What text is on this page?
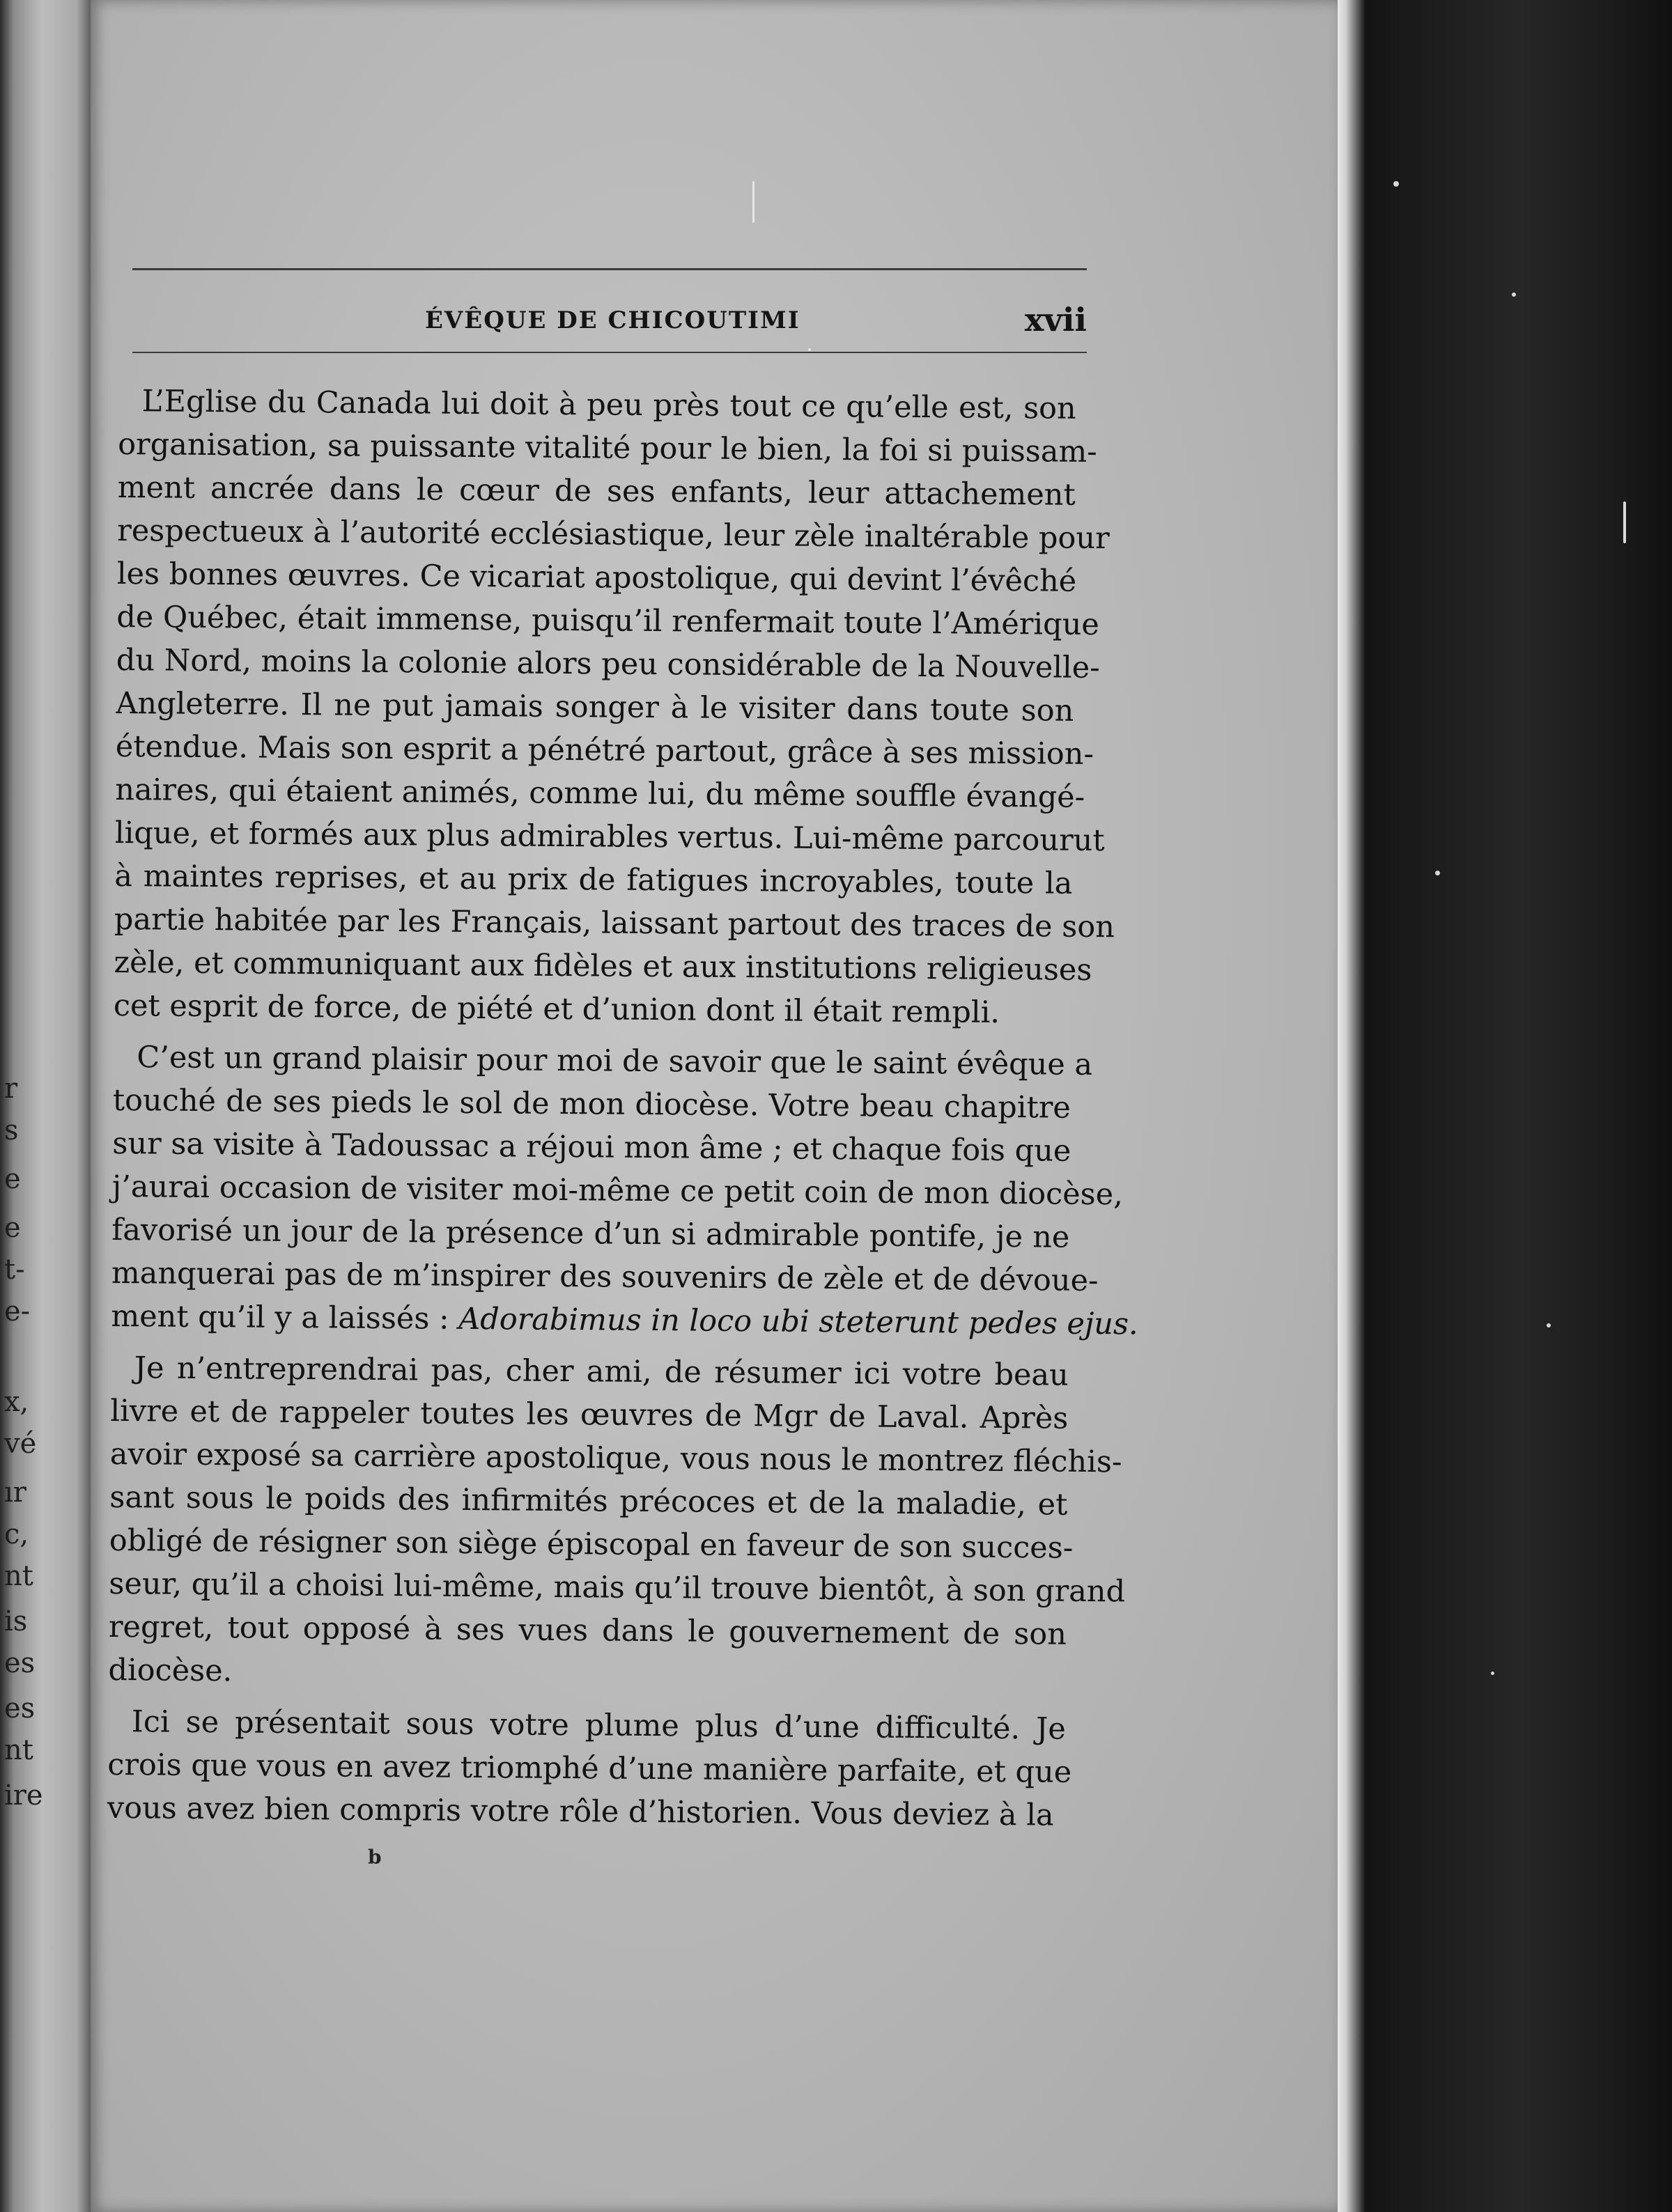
r
s
e
e
t-
e-
x,
vé
ır
c,
nt
is
es
es
nt
ire
ÉVÊQUE DE CHICOUTIMI	xvii
L’Eglise du Canada lui doit à peu près tout ce qu’elle est, son
organisation, sa puissante vitalité pour le bien, la foi si puissam-
ment ancrée dans le cœur de ses enfants, leur attachement
respectueux à l’autorité ecclésiastique, leur zèle inaltérable pour
les bonnes œuvres. Ce vicariat apostolique, qui devint l’évêché
de Québec, était immense, puisqu’il renfermait toute l’Amérique
du Nord, moins la colonie alors peu considérable de la Nouvelle-
Angleterre. Il ne put jamais songer à le visiter dans toute son
étendue. Mais son esprit a pénétré partout, grâce à ses mission-
naires, qui étaient animés, comme lui, du même souffle évangé-
lique, et formés aux plus admirables vertus. Lui-même parcourut
à maintes reprises, et au prix de fatigues incroyables, toute la
partie habitée par les Français, laissant partout des traces de son
zèle, et communiquant aux fidèles et aux institutions religieuses
cet esprit de force, de piété et d’union dont il était rempli.
C’est un grand plaisir pour moi de savoir que le saint évêque a
touché de ses pieds le sol de mon diocèse. Votre beau chapitre
sur sa visite à Tadoussac a réjoui mon âme ; et chaque fois que
j’aurai occasion de visiter moi-même ce petit coin de mon diocèse,
favorisé un jour de la présence d’un si admirable pontife, je ne
manquerai pas de m’inspirer des souvenirs de zèle et de dévoue-
ment qu’il y a laissés : Adorabimus in loco ubi steterunt pedes ejus.
Je n’entreprendrai pas, cher ami, de résumer ici votre beau
livre et de rappeler toutes les œuvres de Mgr de Laval. Après
avoir exposé sa carrière apostolique, vous nous le montrez fléchis-
sant sous le poids des infirmités précoces et de la maladie, et
obligé de résigner son siège épiscopal en faveur de son succes-
seur, qu’il a choisi lui-même, mais qu’il trouve bientôt, à son grand
regret, tout opposé à ses vues dans le gouvernement de son
diocèse.
Ici se présentait sous votre plume plus d’une difficulté. Je
crois que vous en avez triomphé d’une manière parfaite, et que
vous avez bien compris votre rôle d’historien. Vous deviez à la
b
